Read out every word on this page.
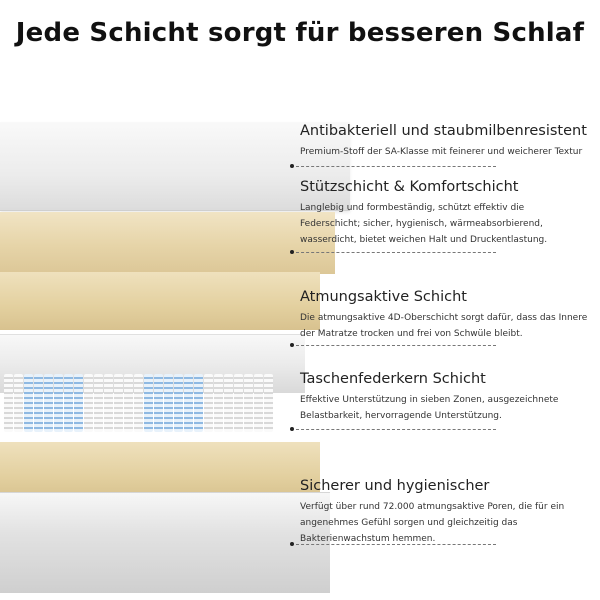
Jede Schicht sorgt für besseren Schlaf
Antibakteriell und staubmilbenresistent
Premium-Stoff der SA-Klasse mit feinerer und weicherer Textur
Stützschicht & Komfortschicht
Langlebig und formbeständig, schützt effektiv die Federschicht; sicher, hygienisch, wärmeabsorbierend, wasserdicht, bietet weichen Halt und Druckentlastung.
Atmungsaktive Schicht
Die atmungsaktive 4D-Oberschicht sorgt dafür, dass das Innere der Matratze trocken und frei von Schwüle bleibt.
Taschenfederkern Schicht
Effektive Unterstützung in sieben Zonen, ausgezeichnete Belastbarkeit, hervorragende Unterstützung.
Sicherer und hygienischer
Verfügt über rund 72.000 atmungsaktive Poren, die für ein angenehmes Gefühl sorgen und gleichzeitig das Bakterienwachstum hemmen.
